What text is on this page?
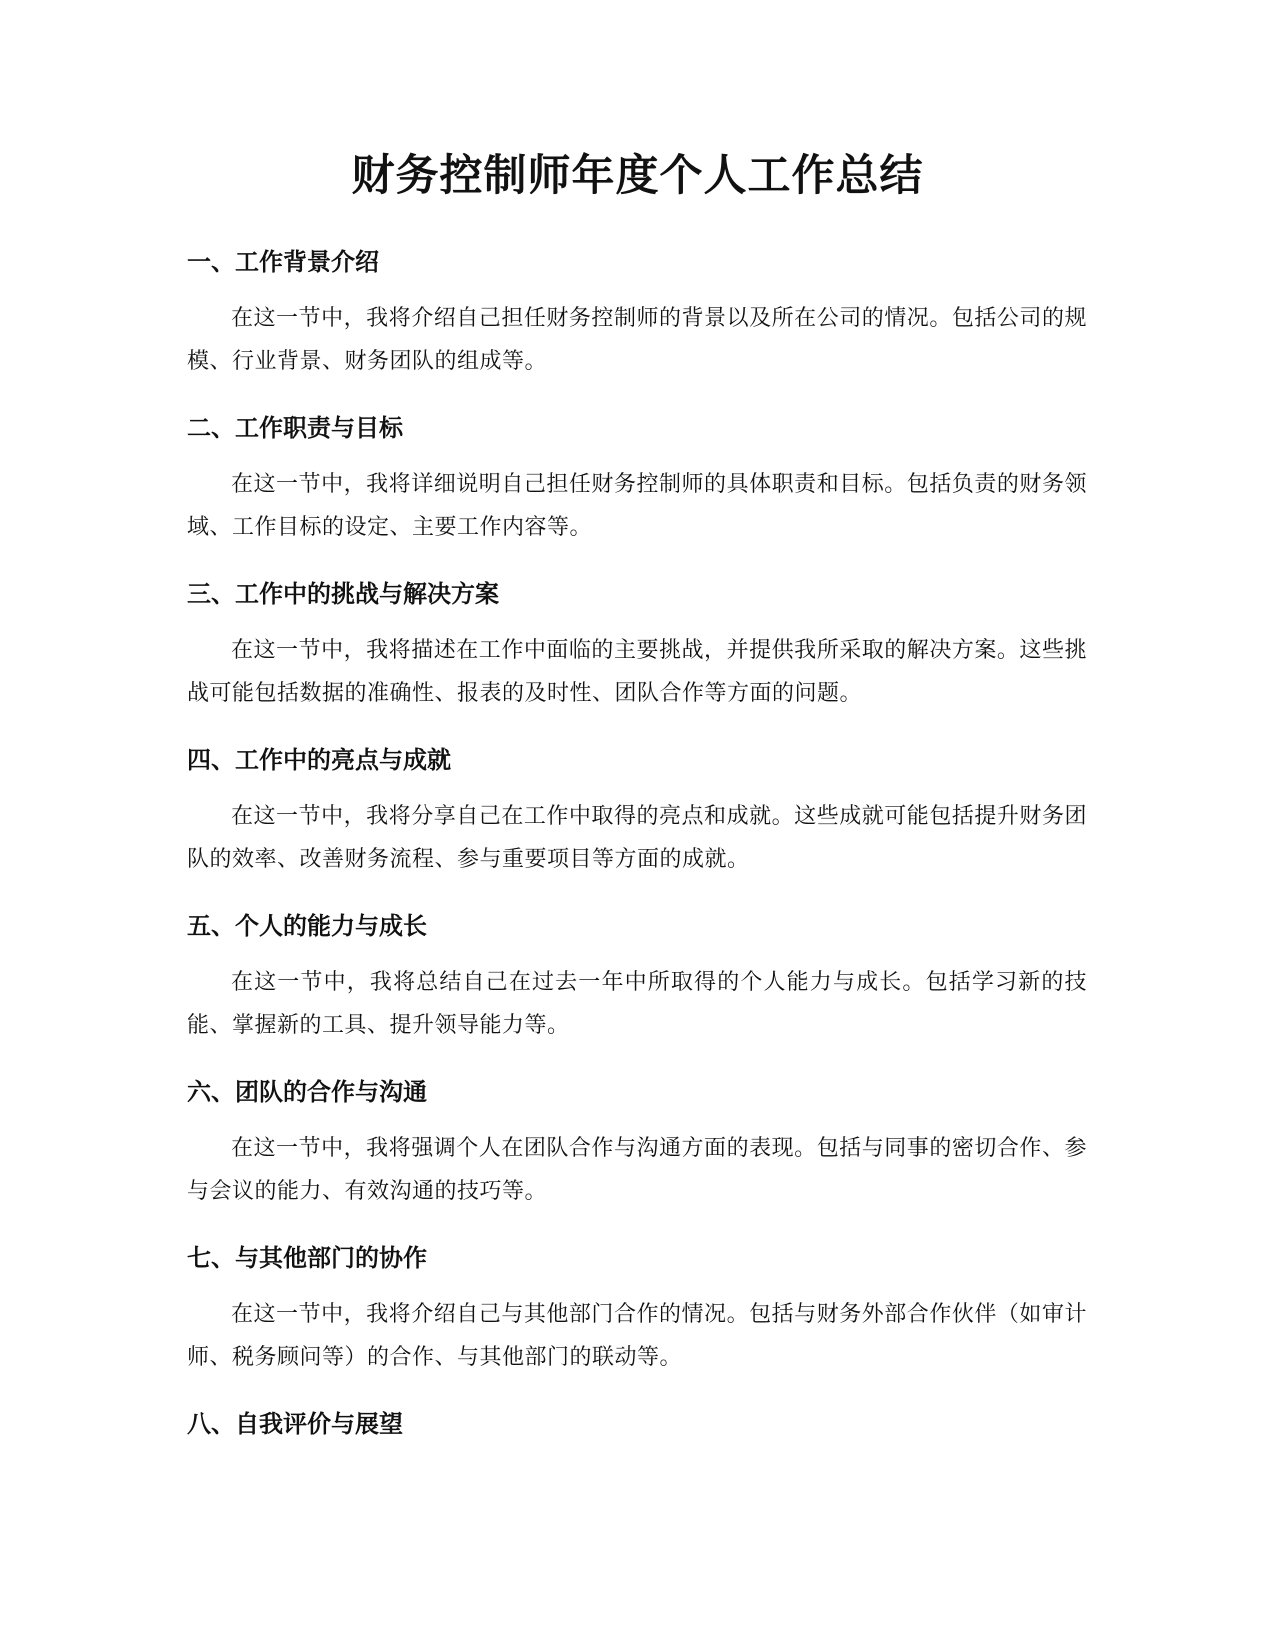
财务控制师年度个人工作总结
一、工作背景介绍

在这一节中，我将介绍自己担任财务控制师的背景以及所在公司的情况。包括公司的规模、行业背景、财务团队的组成等。

二、工作职责与目标

在这一节中，我将详细说明自己担任财务控制师的具体职责和目标。包括负责的财务领域、工作目标的设定、主要工作内容等。

三、工作中的挑战与解决方案

在这一节中，我将描述在工作中面临的主要挑战，并提供我所采取的解决方案。这些挑战可能包括数据的准确性、报表的及时性、团队合作等方面的问题。

四、工作中的亮点与成就

在这一节中，我将分享自己在工作中取得的亮点和成就。这些成就可能包括提升财务团队的效率、改善财务流程、参与重要项目等方面的成就。

五、个人的能力与成长

在这一节中，我将总结自己在过去一年中所取得的个人能力与成长。包括学习新的技能、掌握新的工具、提升领导能力等。

六、团队的合作与沟通

在这一节中，我将强调个人在团队合作与沟通方面的表现。包括与同事的密切合作、参与会议的能力、有效沟通的技巧等。

七、与其他部门的协作

在这一节中，我将介绍自己与其他部门合作的情况。包括与财务外部合作伙伴（如审计师、税务顾问等）的合作、与其他部门的联动等。

八、自我评价与展望
